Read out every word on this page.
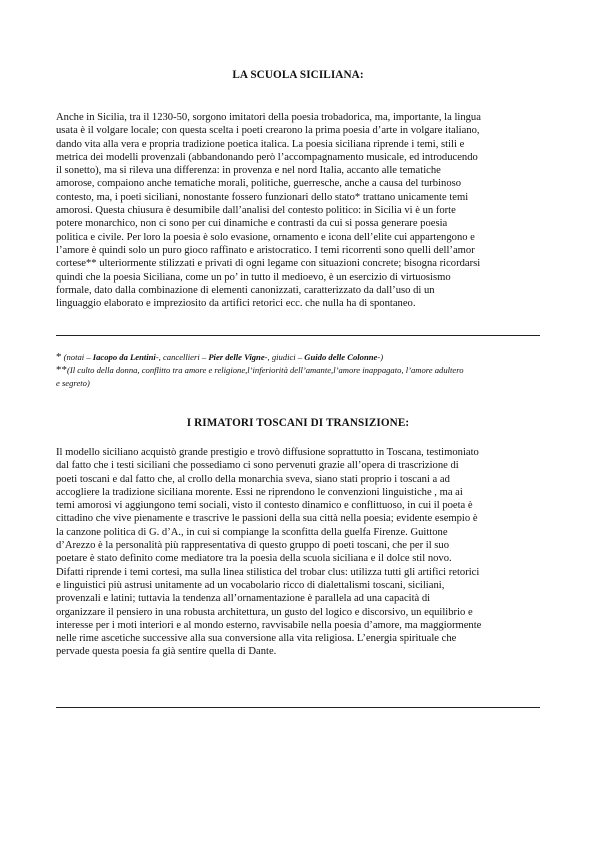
LA SCUOLA SICILIANA:
Anche in Sicilia, tra il 1230-50, sorgono imitatori della poesia trobadorica, ma, importante, la lingua
usata è il volgare locale; con questa scelta i poeti crearono la prima poesia d’arte in volgare italiano,
dando vita alla vera e propria tradizione poetica italica. La poesia siciliana riprende i temi, stili e
metrica dei modelli provenzali (abbandonando però l’accompagnamento musicale, ed introducendo
il sonetto), ma si rileva una differenza: in provenza e nel nord Italia, accanto alle tematiche
amorose, compaiono anche tematiche morali, politiche, guerresche, anche a causa del turbinoso
contesto, ma, i poeti siciliani, nonostante fossero funzionari dello stato* trattano unicamente temi
amorosi. Questa chiusura è desumibile dall’analisi del contesto politico: in Sicilia vi è un forte
potere monarchico, non ci sono per cui dinamiche e contrasti da cui si possa generare poesia
politica e civile. Per loro la poesia è solo evasione, ornamento e icona dell’elite cui appartengono e
l’amore è quindi solo un puro gioco raffinato e aristocratico. I temi ricorrenti sono quelli dell’amor
cortese** ulteriormente stilizzati e privati di ogni legame con situazioni concrete; bisogna ricordarsi
quindi che la poesia Siciliana, come un po’ in tutto il medioevo, è un esercizio di virtuosismo
formale, dato dalla combinazione di elementi canonizzati, caratterizzato da dall’uso di un
linguaggio elaborato e impreziosito da artifici retorici ecc. che nulla ha di spontaneo.
* (notai – Iacopo da Lentini-, cancellieri – Pier delle Vigne-, giudici – Guido delle Colonne-)
**(Il culto della donna, conflitto tra amore e religione,l’inferiorità dell’amante,l’amore inappagato, l’amore adultero
e segreto)
I RIMATORI TOSCANI DI TRANSIZIONE:
Il modello siciliano acquistò grande prestigio e trovò diffusione soprattutto in Toscana, testimoniato
dal fatto che i testi siciliani che possediamo ci sono pervenuti grazie all’opera di trascrizione di
poeti toscani e dal fatto che, al crollo della monarchia sveva, siano stati proprio i toscani a ad
accogliere la tradizione siciliana morente. Essi ne riprendono le convenzioni linguistiche , ma ai
temi amorosi vi aggiungono temi sociali, visto il contesto dinamico e conflittuoso, in cui il poeta è
cittadino che vive pienamente e trascrive le passioni della sua città nella poesia; evidente esempio è
la canzone politica di G. d’A., in cui si compiange la sconfitta della guelfa Firenze. Guittone
d’Arezzo è la personalità più rappresentativa di questo gruppo di poeti toscani, che per il suo
poetare è stato definito come mediatore tra la poesia della scuola siciliana e il dolce stil novo.
Difatti riprende i temi cortesi, ma sulla linea stilistica del trobar clus: utilizza tutti gli artifici retorici
e linguistici più astrusi unitamente ad un vocabolario ricco di dialettalismi toscani, siciliani,
provenzali e latini; tuttavia la tendenza all’ornamentazione è parallela ad una capacità di
organizzare il pensiero in una robusta architettura, un gusto del logico e discorsivo, un equilibrio e
interesse per i moti interiori e al mondo esterno, ravvisabile nella poesia d’amore, ma maggiormente
nelle rime ascetiche successive alla sua conversione alla vita religiosa. L’energia spirituale che
pervade questa poesia fa già sentire quella di Dante.
